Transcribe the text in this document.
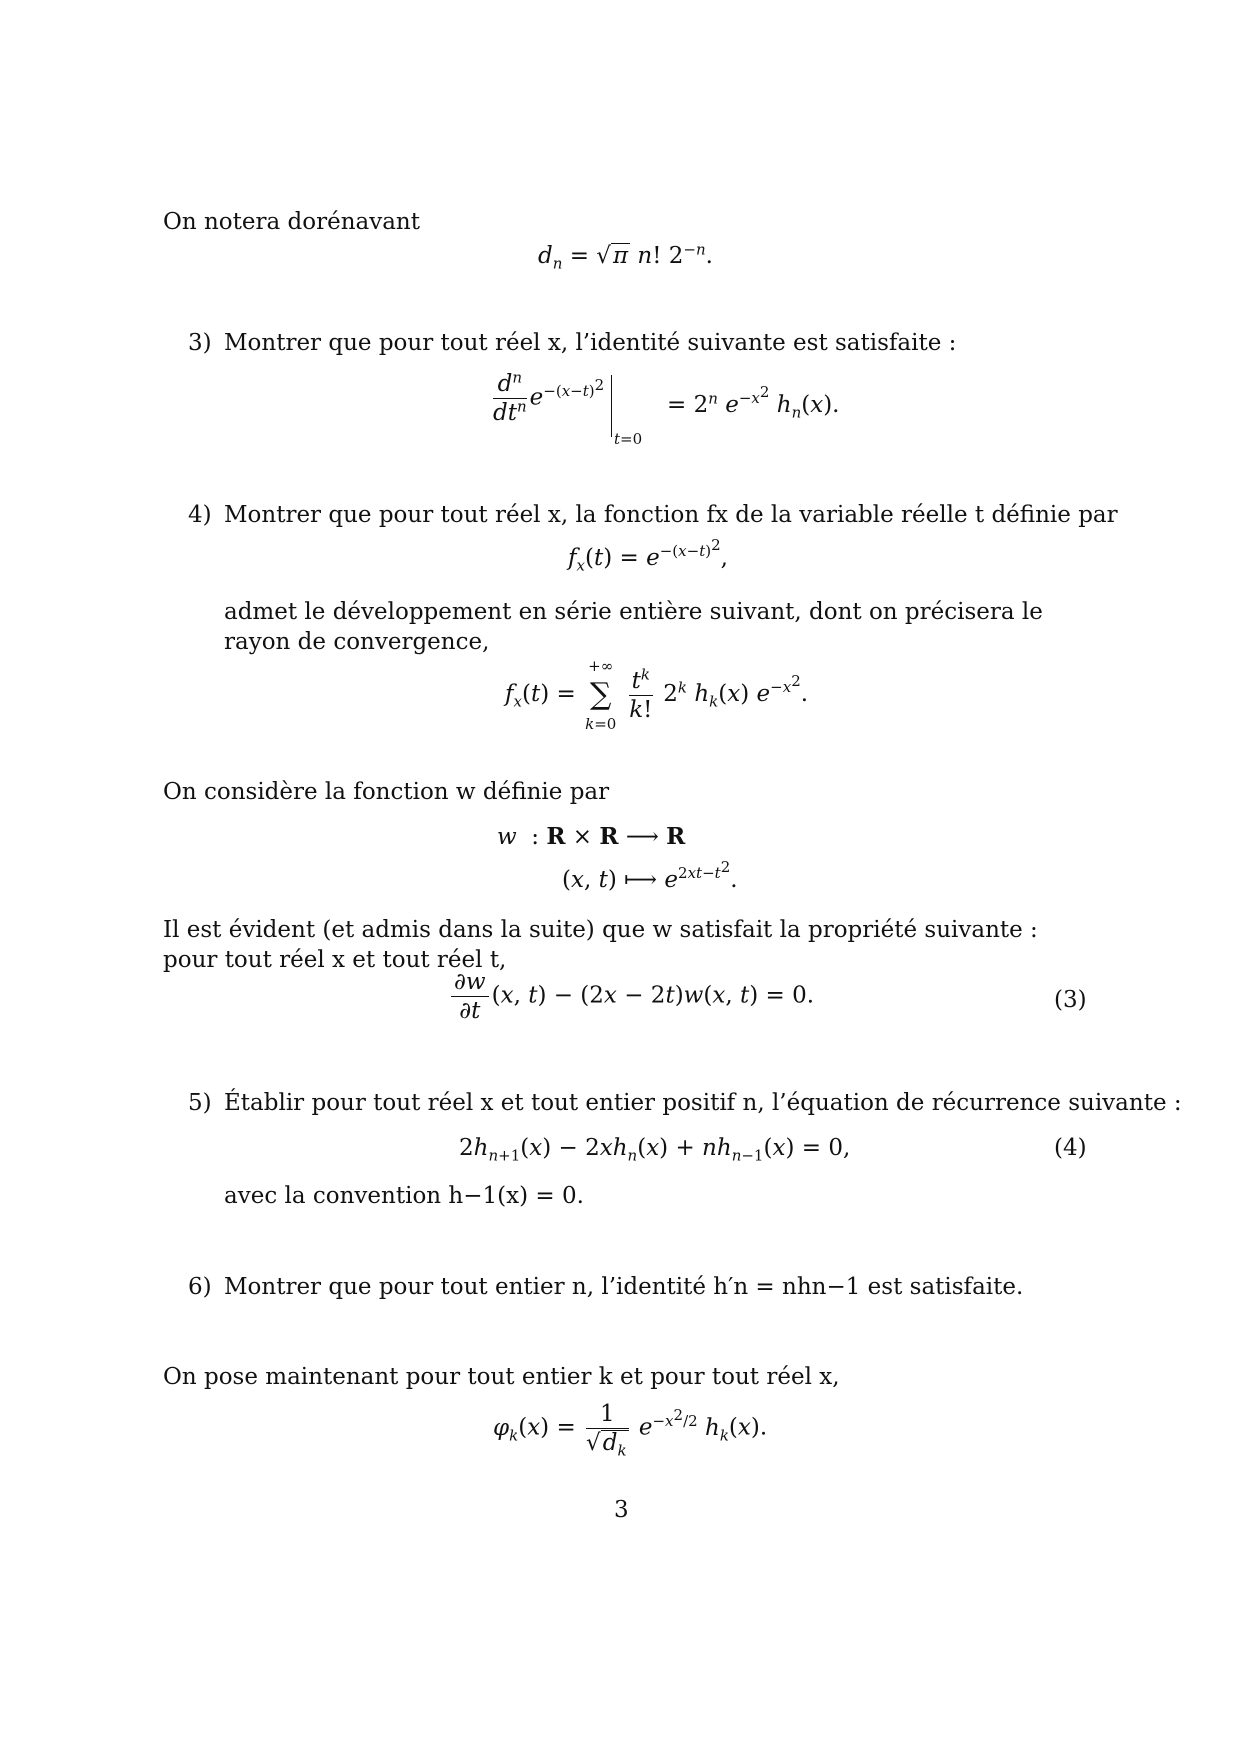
On notera dorénavant
$d_n = √\pi$ n! $2^{-n}$.
3) Montrer que pour tout réel x, l’identité suivante est satisfaite :
$\frac{d^n}{dt^n} e^{-(x-t)^2}$
t=0
= $2^n$ $e^{-x^2}$ $h_n(x)$.
4) Montrer que pour tout réel x, la fonction fx de la variable réelle t définie par
$f_x(t) = e^{-(x-t)^2}$,
admet le développement en série entière suivant, dont on précisera le rayon de convergence,
$f_x(t)$ =
+∞
∑
k=0

$\frac{t^k}{k!} 2^k$ $h_k(x)$ $e^{-x^2}$.
On considère la fonction w définie par
w  : R × R ⟶ R
(x, t) ⟼ $e^{2xt-t^2}$.
Il est évident (et admis dans la suite) que w satisfait la propriété suivante : pour tout réel x et tout réel t,
$\frac{\partial w}{\partial t} (x$, t) − (2x − 2t)w(x, t) = 0.	(3)
5) Établir pour tout réel x et tout entier positif n, l’équation de récurrence suivante :
$2h_{n+1}(x) - 2xh_n(x) + nh_{n-1}(x) = 0$,	(4)
avec la convention h−1(x) = 0.
6) Montrer que pour tout entier n, l’identité h′n = nhn−1 est satisfaite.
On pose maintenant pour tout entier k et pour tout réel x,
$\varphi_k(x) = \frac{1}{√d_k} e^{-x^2/2}$ $h_k(x)$.
3
